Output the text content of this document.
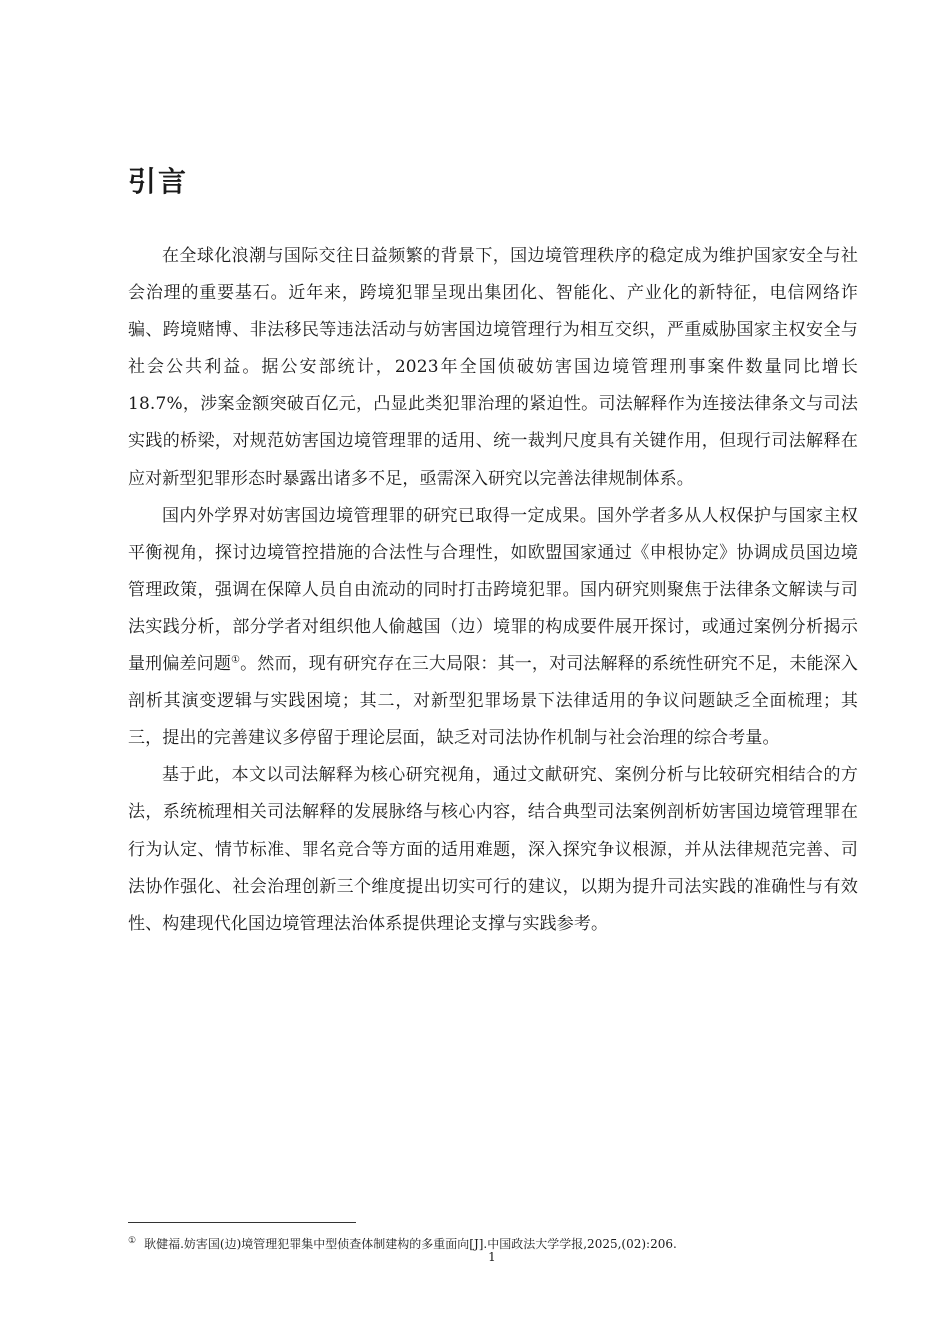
引言

在全球化浪潮与国际交往日益频繁的背景下，国边境管理秩序的稳定成为维护国家安全与社会治理的重要基石。近年来，跨境犯罪呈现出集团化、智能化、产业化的新特征，电信网络诈骗、跨境赌博、非法移民等违法活动与妨害国边境管理行为相互交织，严重威胁国家主权安全与社会公共利益。据公安部统计，2023年全国侦破妨害国边境管理刑事案件数量同比增长18.7%，涉案金额突破百亿元，凸显此类犯罪治理的紧迫性。司法解释作为连接法律条文与司法实践的桥梁，对规范妨害国边境管理罪的适用、统一裁判尺度具有关键作用，但现行司法解释在应对新型犯罪形态时暴露出诸多不足，亟需深入研究以完善法律规制体系。

国内外学界对妨害国边境管理罪的研究已取得一定成果。国外学者多从人权保护与国家主权平衡视角，探讨边境管控措施的合法性与合理性，如欧盟国家通过《申根协定》协调成员国边境管理政策，强调在保障人员自由流动的同时打击跨境犯罪。国内研究则聚焦于法律条文解读与司法实践分析，部分学者对组织他人偷越国（边）境罪的构成要件展开探讨，或通过案例分析揭示量刑偏差问题①。然而，现有研究存在三大局限：其一，对司法解释的系统性研究不足，未能深入剖析其演变逻辑与实践困境；其二，对新型犯罪场景下法律适用的争议问题缺乏全面梳理；其三，提出的完善建议多停留于理论层面，缺乏对司法协作机制与社会治理的综合考量。

基于此，本文以司法解释为核心研究视角，通过文献研究、案例分析与比较研究相结合的方法，系统梳理相关司法解释的发展脉络与核心内容，结合典型司法案例剖析妨害国边境管理罪在行为认定、情节标准、罪名竞合等方面的适用难题，深入探究争议根源，并从法律规范完善、司法协作强化、社会治理创新三个维度提出切实可行的建议，以期为提升司法实践的准确性与有效性、构建现代化国边境管理法治体系提供理论支撑与实践参考。

① 耿健福.妨害国(边)境管理犯罪集中型侦查体制建构的多重面向[J].中国政法大学学报,2025,(02):206.
1
